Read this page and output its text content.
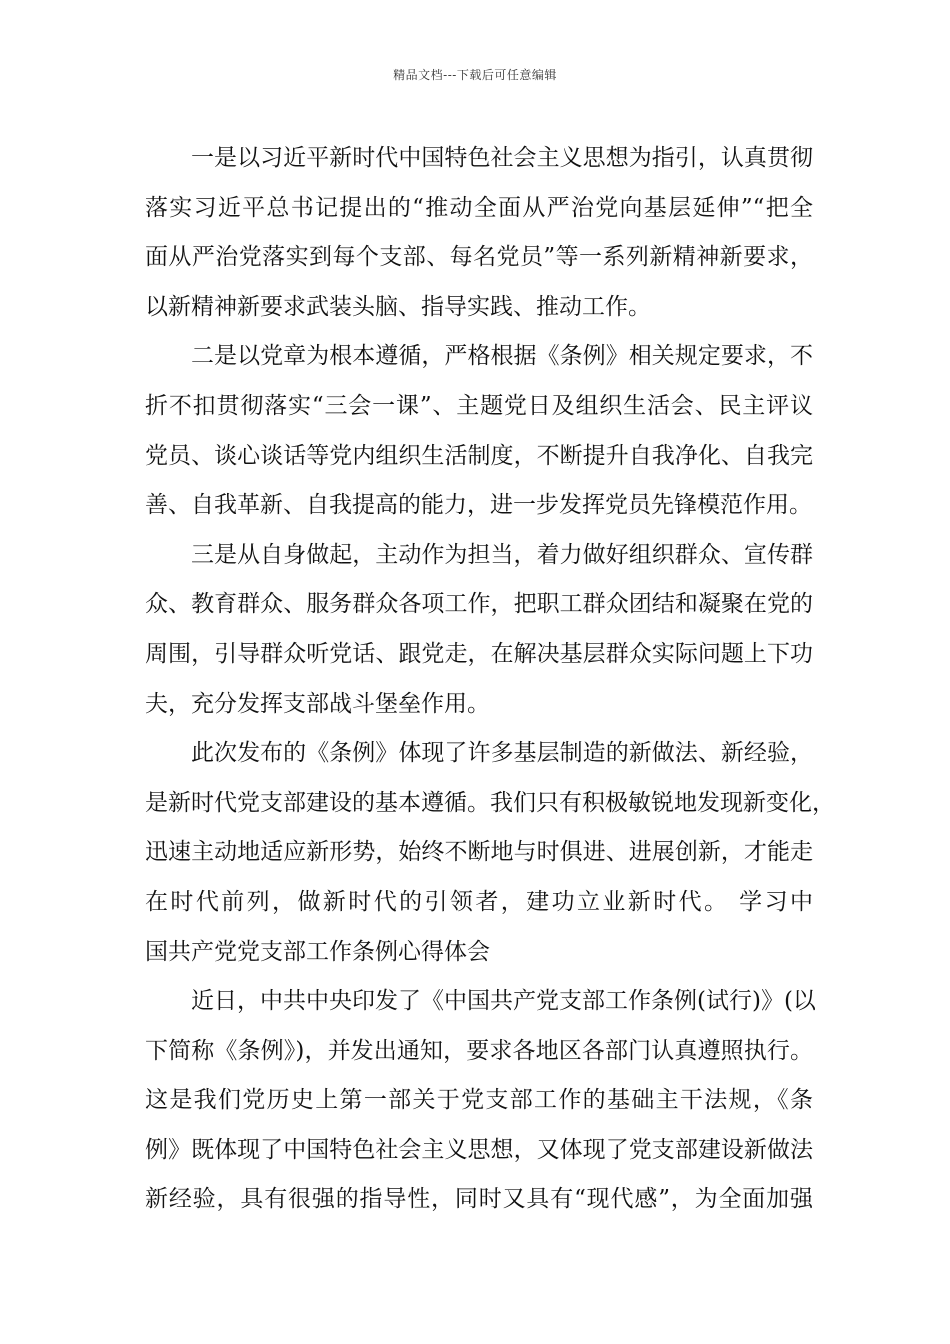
精品文档---下载后可任意编辑
一是以习近平新时代中国特色社会主义思想为指引，认真贯彻
落实习近平总书记提出的“推动全面从严治党向基层延伸”“把全
面从严治党落实到每个支部、每名党员”等一系列新精神新要求，
以新精神新要求武装头脑、指导实践、推动工作。
二是以党章为根本遵循，严格根据《条例》相关规定要求，不
折不扣贯彻落实“三会一课”、主题党日及组织生活会、民主评议
党员、谈心谈话等党内组织生活制度，不断提升自我净化、自我完
善、自我革新、自我提高的能力，进一步发挥党员先锋模范作用。
三是从自身做起，主动作为担当，着力做好组织群众、宣传群
众、教育群众、服务群众各项工作，把职工群众团结和凝聚在党的
周围，引导群众听党话、跟党走，在解决基层群众实际问题上下功
夫，充分发挥支部战斗堡垒作用。
此次发布的《条例》体现了许多基层制造的新做法、新经验，
是新时代党支部建设的基本遵循。我们只有积极敏锐地发现新变化，
迅速主动地适应新形势，始终不断地与时俱进、进展创新，才能走
在时代前列，做新时代的引领者，建功立业新时代。 学习中
国共产党党支部工作条例心得体会
近日，中共中央印发了《中国共产党支部工作条例(试行)》(以
下简称《条例》)，并发出通知，要求各地区各部门认真遵照执行。
这是我们党历史上第一部关于党支部工作的基础主干法规，《条
例》既体现了中国特色社会主义思想，又体现了党支部建设新做法
新经验，具有很强的指导性，同时又具有“现代感”，为全面加强
